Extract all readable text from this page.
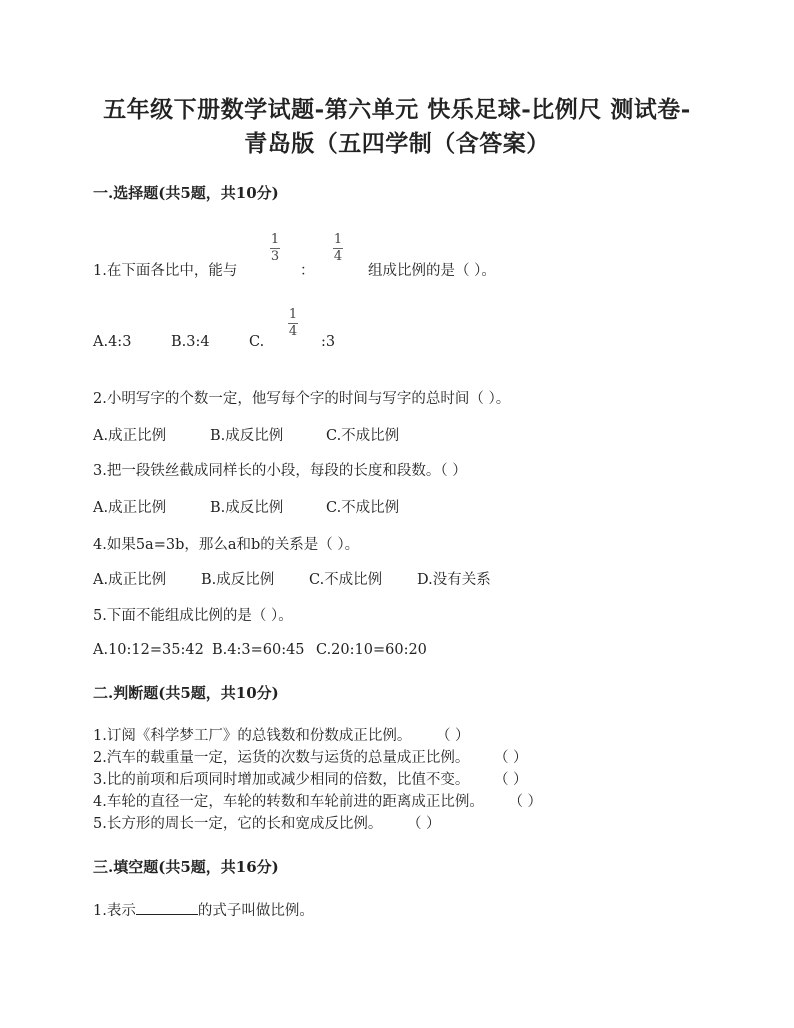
五年级下册数学试题-第六单元 快乐足球-比例尺 测试卷-
青岛版（五四学制（含答案）
一.选择题(共5题，共10分)
1.在下面各比中，能与
1
3
：
1
4
组成比例的是（ ）。
A.4:3	B.3:4	C.
1
4
:3
2.小明写字的个数一定，他写每个字的时间与写字的总时间（ ）。
A.成正比例	B.成反比例	C.不成比例
3.把一段铁丝截成同样长的小段，每段的长度和段数。（ ）
A.成正比例	B.成反比例	C.不成比例
4.如果5a=3b，那么a和b的关系是（ ）。
A.成正比例 B.成反比例 C.不成比例 D.没有关系
5.下面不能组成比例的是（ ）。
A.10:12=35:42 B.4:3=60:45 C.20:10=60:20
二.判断题(共5题，共10分)
1.订阅《科学梦工厂》的总钱数和份数成正比例。 （ ）
2.汽车的载重量一定，运货的次数与运货的总量成正比例。 （ ）
3.比的前项和后项同时增加或减少相同的倍数，比值不变。 （ ）
4.车轮的直径一定，车轮的转数和车轮前进的距离成正比例。 （ ）
5.长方形的周长一定，它的长和宽成反比例。 （ ）
三.填空题(共5题，共16分)
1.表示	的式子叫做比例。
